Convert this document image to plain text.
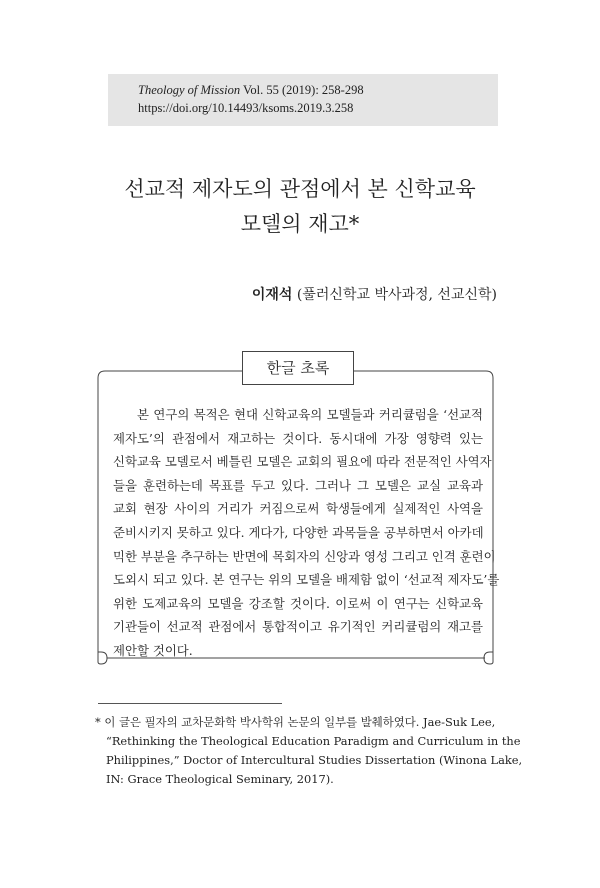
Theology of Mission Vol. 55 (2019): 258-298
https://doi.org/10.14493/ksoms.2019.3.258
선교적 제자도의 관점에서 본 신학교육
모델의 재고*
이재석 (풀러신학교 박사과정, 선교신학)
한글 초록

본 연구의 목적은 현대 신학교육의 모델들과 커리큘럼을 ‘선교적
제자도’의 관점에서 재고하는 것이다. 동시대에 가장 영향력 있는
신학교육 모델로서 베틀린 모델은 교회의 필요에 따라 전문적인 사역자
들을 훈련하는데 목표를 두고 있다. 그러나 그 모델은 교실 교육과
교회 현장 사이의 거리가 커짐으로써 학생들에게 실제적인 사역을
준비시키지 못하고 있다. 게다가, 다양한 과목들을 공부하면서 아카데
믹한 부분을 추구하는 반면에 목회자의 신앙과 영성 그리고 인격 훈련이
도외시 되고 있다. 본 연구는 위의 모델을 배제함 없이 ‘선교적 제자도’를
위한 도제교육의 모델을 강조할 것이다. 이로써 이 연구는 신학교육
기관들이 선교적 관점에서 통합적이고 유기적인 커리큘럼의 재고를
제안할 것이다.

* 이 글은 필자의 교차문화학 박사학위 논문의 일부를 발췌하였다. Jae-Suk Lee,
“Rethinking the Theological Education Paradigm and Curriculum in the
Philippines,” Doctor of Intercultural Studies Dissertation (Winona Lake,
IN: Grace Theological Seminary, 2017).
